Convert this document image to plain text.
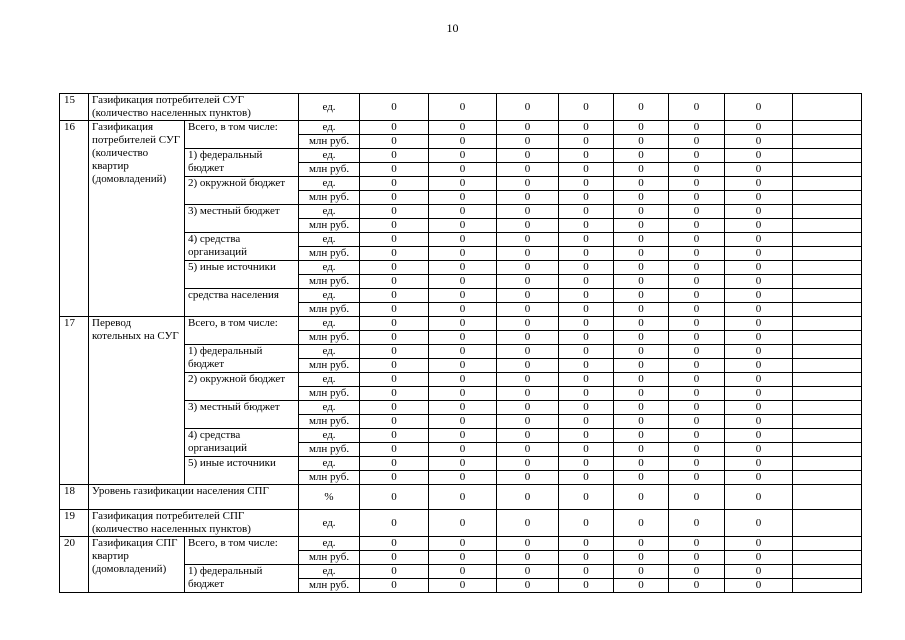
10
15	Газификация потребителей СУГ (количество населенных пунктов)		ед.	0	0	0	0	0	0	0	
16	Газификация потребителей СУГ (количество квартир (домовладений)	Всего, в том числе:	ед.	0	0	0	0	0	0	0	
			млн руб.	0	0	0	0	0	0	0	
		1) федеральный бюджет	ед.	0	0	0	0	0	0	0	
			млн руб.	0	0	0	0	0	0	0	
		2) окружной бюджет	ед.	0	0	0	0	0	0	0	
			млн руб.	0	0	0	0	0	0	0	
		3) местный бюджет	ед.	0	0	0	0	0	0	0	
			млн руб.	0	0	0	0	0	0	0	
		4) средства организаций	ед.	0	0	0	0	0	0	0	
			млн руб.	0	0	0	0	0	0	0	
		5) иные источники	ед.	0	0	0	0	0	0	0	
			млн руб.	0	0	0	0	0	0	0	
		средства населения	ед.	0	0	0	0	0	0	0	
			млн руб.	0	0	0	0	0	0	0	
17	Перевод котельных на СУГ	Всего, в том числе:	ед.	0	0	0	0	0	0	0	
			млн руб.	0	0	0	0	0	0	0	
		1) федеральный бюджет	ед.	0	0	0	0	0	0	0	
			млн руб.	0	0	0	0	0	0	0	
		2) окружной бюджет	ед.	0	0	0	0	0	0	0	
			млн руб.	0	0	0	0	0	0	0	
		3) местный бюджет	ед.	0	0	0	0	0	0	0	
			млн руб.	0	0	0	0	0	0	0	
		4) средства организаций	ед.	0	0	0	0	0	0	0	
			млн руб.	0	0	0	0	0	0	0	
		5) иные источники	ед.	0	0	0	0	0	0	0	
			млн руб.	0	0	0	0	0	0	0	
18	Уровень газификации населения СПГ		%	0	0	0	0	0	0	0	
19	Газификация потребителей СПГ (количество населенных пунктов)		ед.	0	0	0	0	0	0	0	
20	Газификация СПГ квартир (домовладений)	Всего, в том числе:	ед.	0	0	0	0	0	0	0	
			млн руб.	0	0	0	0	0	0	0	
		1) федеральный бюджет	ед.	0	0	0	0	0	0	0	
			млн руб.	0	0	0	0	0	0	0	
